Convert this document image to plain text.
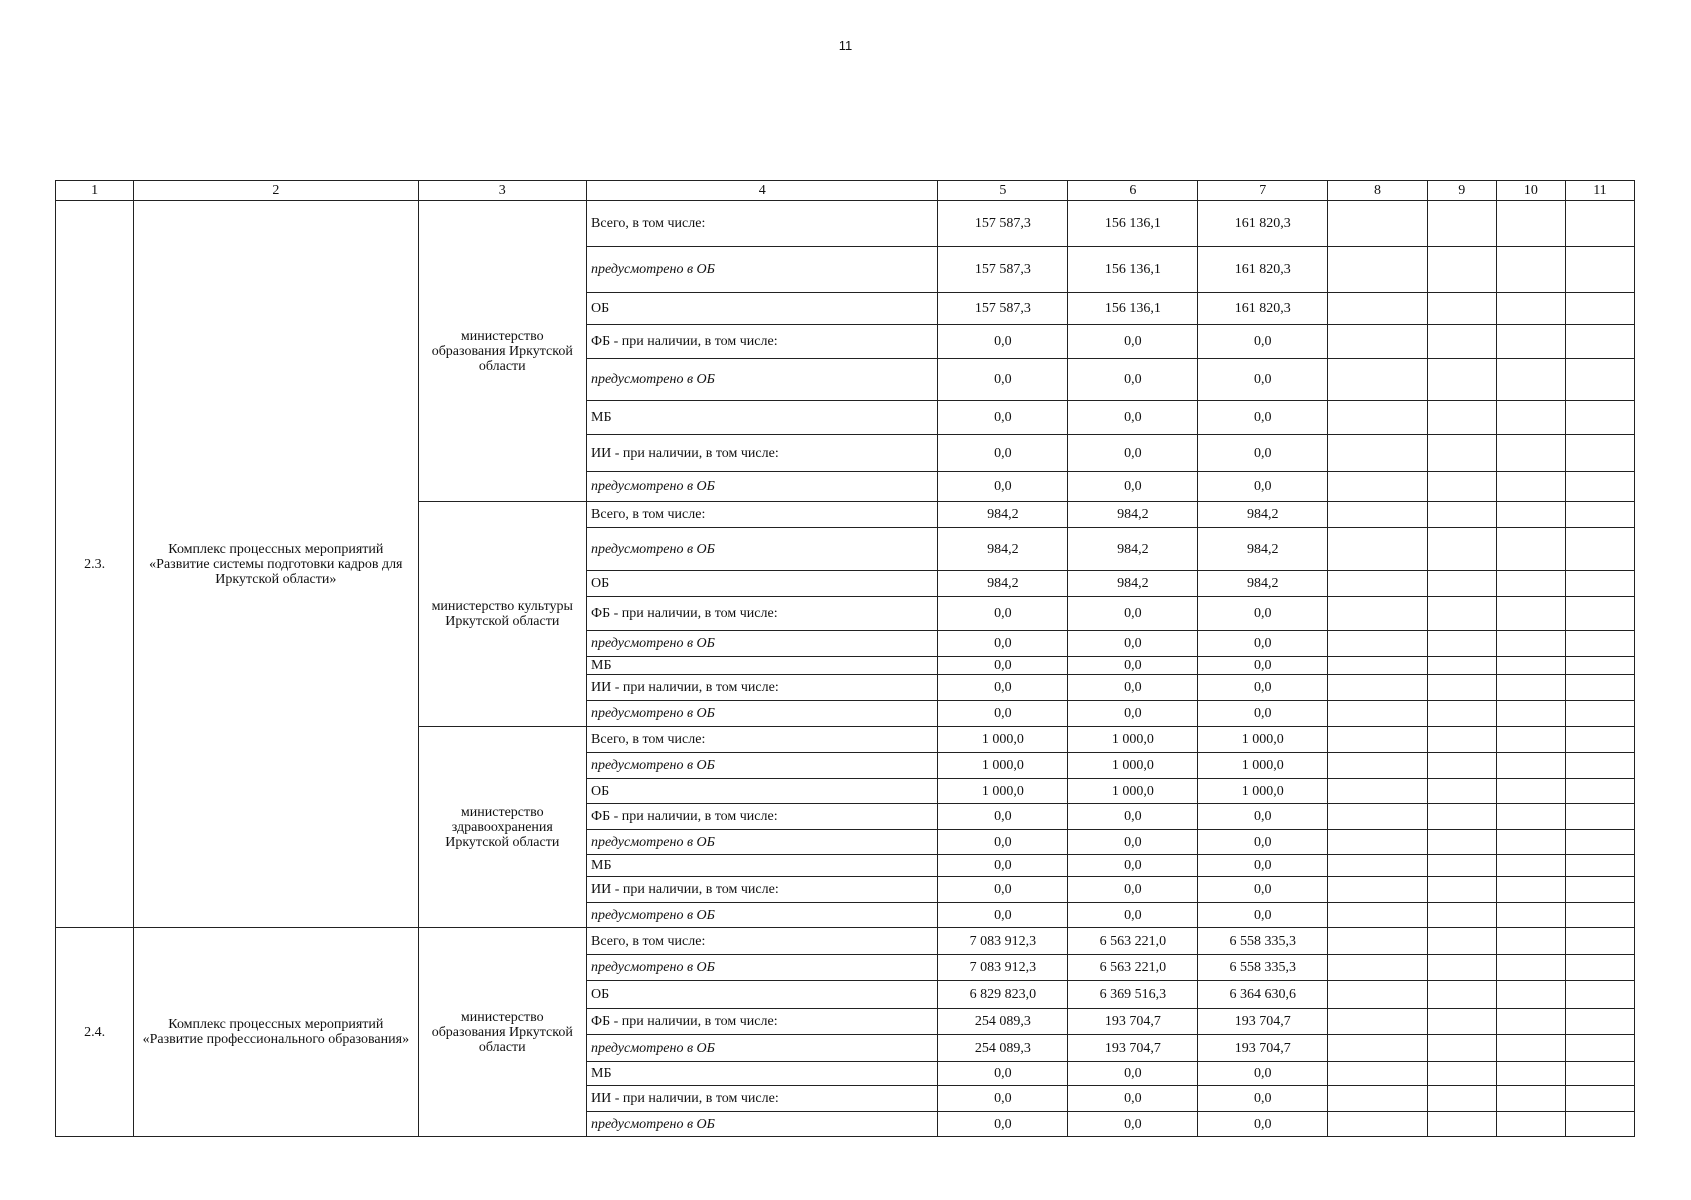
11
1	2	3	4	5	6	7	8	9	10	11
2.3.	Комплекс процессных мероприятий «Развитие системы подготовки кадров для Иркутской области»	министерство образования Иркутской области	Всего, в том числе:	157 587,3	156 136,1	161 820,3				
			предусмотрено в ОБ	157 587,3	156 136,1	161 820,3				
			ОБ	157 587,3	156 136,1	161 820,3				
			ФБ - при наличии, в том числе:	0,0	0,0	0,0				
			предусмотрено в ОБ	0,0	0,0	0,0				
			МБ	0,0	0,0	0,0				
			ИИ - при наличии, в том числе:	0,0	0,0	0,0				
			предусмотрено в ОБ	0,0	0,0	0,0				
		министерство культуры Иркутской области	Всего, в том числе:	984,2	984,2	984,2				
			предусмотрено в ОБ	984,2	984,2	984,2				
			ОБ	984,2	984,2	984,2				
			ФБ - при наличии, в том числе:	0,0	0,0	0,0				
			предусмотрено в ОБ	0,0	0,0	0,0				
			МБ	0,0	0,0	0,0				
			ИИ - при наличии, в том числе:	0,0	0,0	0,0				
			предусмотрено в ОБ	0,0	0,0	0,0				
		министерство здравоохранения Иркутской области	Всего, в том числе:	1 000,0	1 000,0	1 000,0				
			предусмотрено в ОБ	1 000,0	1 000,0	1 000,0				
			ОБ	1 000,0	1 000,0	1 000,0				
			ФБ - при наличии, в том числе:	0,0	0,0	0,0				
			предусмотрено в ОБ	0,0	0,0	0,0				
			МБ	0,0	0,0	0,0				
			ИИ - при наличии, в том числе:	0,0	0,0	0,0				
			предусмотрено в ОБ	0,0	0,0	0,0				
2.4.	Комплекс процессных мероприятий «Развитие профессионального образования»	министерство образования Иркутской области	Всего, в том числе:	7 083 912,3	6 563 221,0	6 558 335,3				
			предусмотрено в ОБ	7 083 912,3	6 563 221,0	6 558 335,3				
			ОБ	6 829 823,0	6 369 516,3	6 364 630,6				
			ФБ - при наличии, в том числе:	254 089,3	193 704,7	193 704,7				
			предусмотрено в ОБ	254 089,3	193 704,7	193 704,7				
			МБ	0,0	0,0	0,0				
			ИИ - при наличии, в том числе:	0,0	0,0	0,0				
			предусмотрено в ОБ	0,0	0,0	0,0				
